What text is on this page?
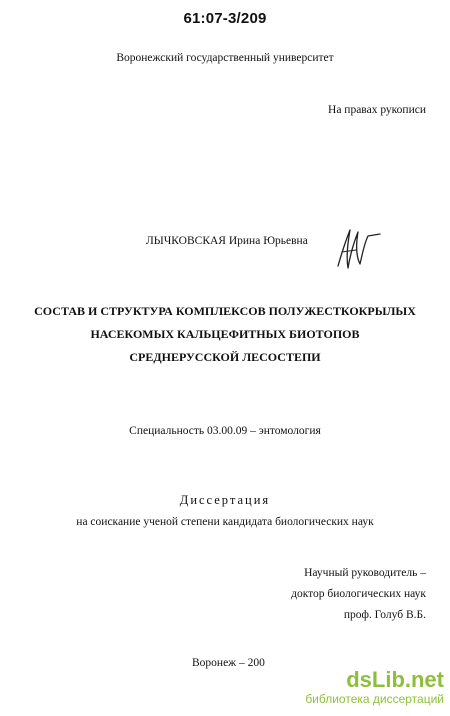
61:07-3/209
Воронежский государственный университет
На правах рукописи
ЛЫЧКОВСКАЯ Ирина Юрьевна
СОСТАВ И СТРУКТУРА КОМПЛЕКСОВ ПОЛУЖЕСТКОКРЫЛЫХ
НАСЕКОМЫХ КАЛЬЦЕФИТНЫХ БИОТОПОВ
СРЕДНЕРУССКОЙ ЛЕСОСТЕПИ
Специальность 03.00.09 – энтомология
Диссертация
на соискание ученой степени кандидата биологических наук
Научный руководитель –
доктор биологических наук
проф. Голуб В.Б.
Воронеж – 200
dsLib.net
библиотека диссертаций
